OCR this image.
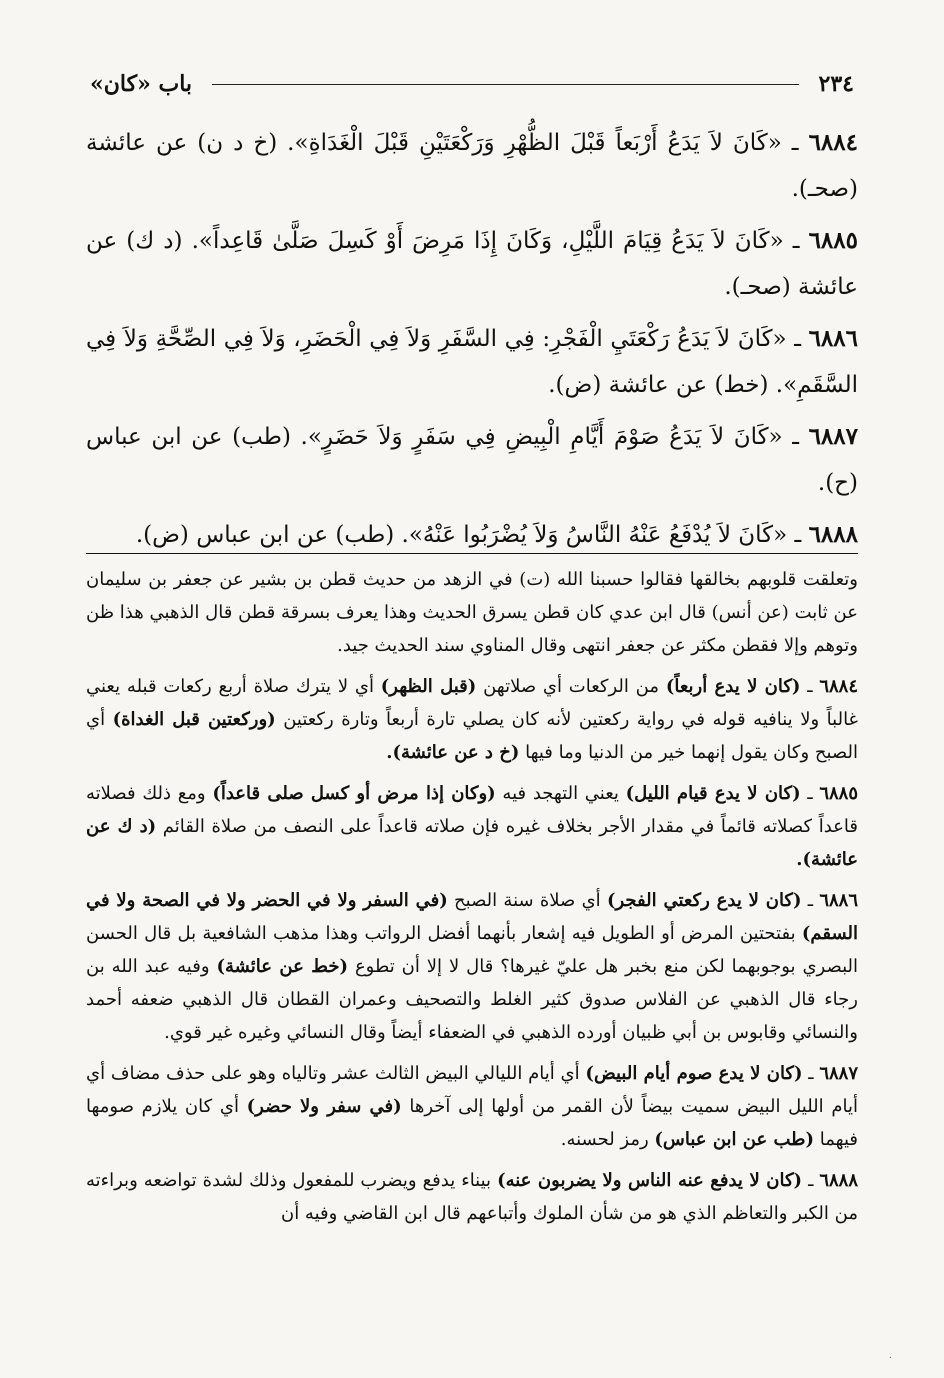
٢٣٤
باب «كان»

٦٨٨٤ ـ «كَانَ لاَ يَدَعُ أَرْبَعاً قَبْلَ الظُّهْرِ وَرَكْعَتَيْنِ قَبْلَ الْغَدَاةِ». (خ د ن) عن عائشة (صحـ).

٦٨٨٥ ـ «كَانَ لاَ يَدَعُ قِيَامَ اللَّيْلِ، وَكَانَ إِذَا مَرِضَ أَوْ كَسِلَ صَلَّىٰ قَاعِداً». (د ك) عن عائشة (صحـ).

٦٨٨٦ ـ «كَانَ لاَ يَدَعُ رَكْعَتَيِ الْفَجْرِ: فِي السَّفَرِ وَلاَ فِي الْحَضَرِ، وَلاَ فِي الصِّحَّةِ وَلاَ فِي السَّقَمِ». (خط) عن عائشة (ض).

٦٨٨٧ ـ «كَانَ لاَ يَدَعُ صَوْمَ أَيَّامِ الْبِيضِ فِي سَفَرٍ وَلاَ حَضَرٍ». (طب) عن ابن عباس (ح).

٦٨٨٨ ـ «كَانَ لاَ يُدْفَعُ عَنْهُ النَّاسُ وَلاَ يُضْرَبُوا عَنْهُ». (طب) عن ابن عباس (ض).

وتعلقت قلوبهم بخالقها فقالوا حسبنا الله (ت) في الزهد من حديث قطن بن بشير عن جعفر بن سليمان عن ثابت (عن أنس) قال ابن عدي كان قطن يسرق الحديث وهذا يعرف بسرقة قطن قال الذهبي هذا ظن وتوهم وإلا فقطن مكثر عن جعفر انتهى وقال المناوي سند الحديث جيد.

٦٨٨٤ ـ (كان لا يدع أربعاً) من الركعات أي صلاتهن (قبل الظهر) أي لا يترك صلاة أربع ركعات قبله يعني غالباً ولا ينافيه قوله في رواية ركعتين لأنه كان يصلي تارة أربعاً وتارة ركعتين (وركعتين قبل الغداة) أي الصبح وكان يقول إنهما خير من الدنيا وما فيها (خ د عن عائشة).

٦٨٨٥ ـ (كان لا يدع قيام الليل) يعني التهجد فيه (وكان إذا مرض أو كسل صلى قاعداً) ومع ذلك فصلاته قاعداً كصلاته قائماً في مقدار الأجر بخلاف غيره فإن صلاته قاعداً على النصف من صلاة القائم (د ك عن عائشة).

٦٨٨٦ ـ (كان لا يدع ركعتي الفجر) أي صلاة سنة الصبح (في السفر ولا في الحضر ولا في الصحة ولا في السقم) بفتحتين المرض أو الطويل فيه إشعار بأنهما أفضل الرواتب وهذا مذهب الشافعية بل قال الحسن البصري بوجوبهما لكن منع بخبر هل عليّ غيرها؟ قال لا إلا أن تطوع (خط عن عائشة) وفيه عبد الله بن رجاء قال الذهبي عن الفلاس صدوق كثير الغلط والتصحيف وعمران القطان قال الذهبي ضعفه أحمد والنسائي وقابوس بن أبي ظبيان أورده الذهبي في الضعفاء أيضاً وقال النسائي وغيره غير قوي.

٦٨٨٧ ـ (كان لا يدع صوم أيام البيض) أي أيام الليالي البيض الثالث عشر وتالياه وهو على حذف مضاف أي أيام الليل البيض سميت بيضاً لأن القمر من أولها إلى آخرها (في سفر ولا حضر) أي كان يلازم صومها فيهما (طب عن ابن عباس) رمز لحسنه.

٦٨٨٨ ـ (كان لا يدفع عنه الناس ولا يضربون عنه) بيناء يدفع ويضرب للمفعول وذلك لشدة تواضعه وبراءته من الكبر والتعاظم الذي هو من شأن الملوك وأتباعهم قال ابن القاضي وفيه أن

·
